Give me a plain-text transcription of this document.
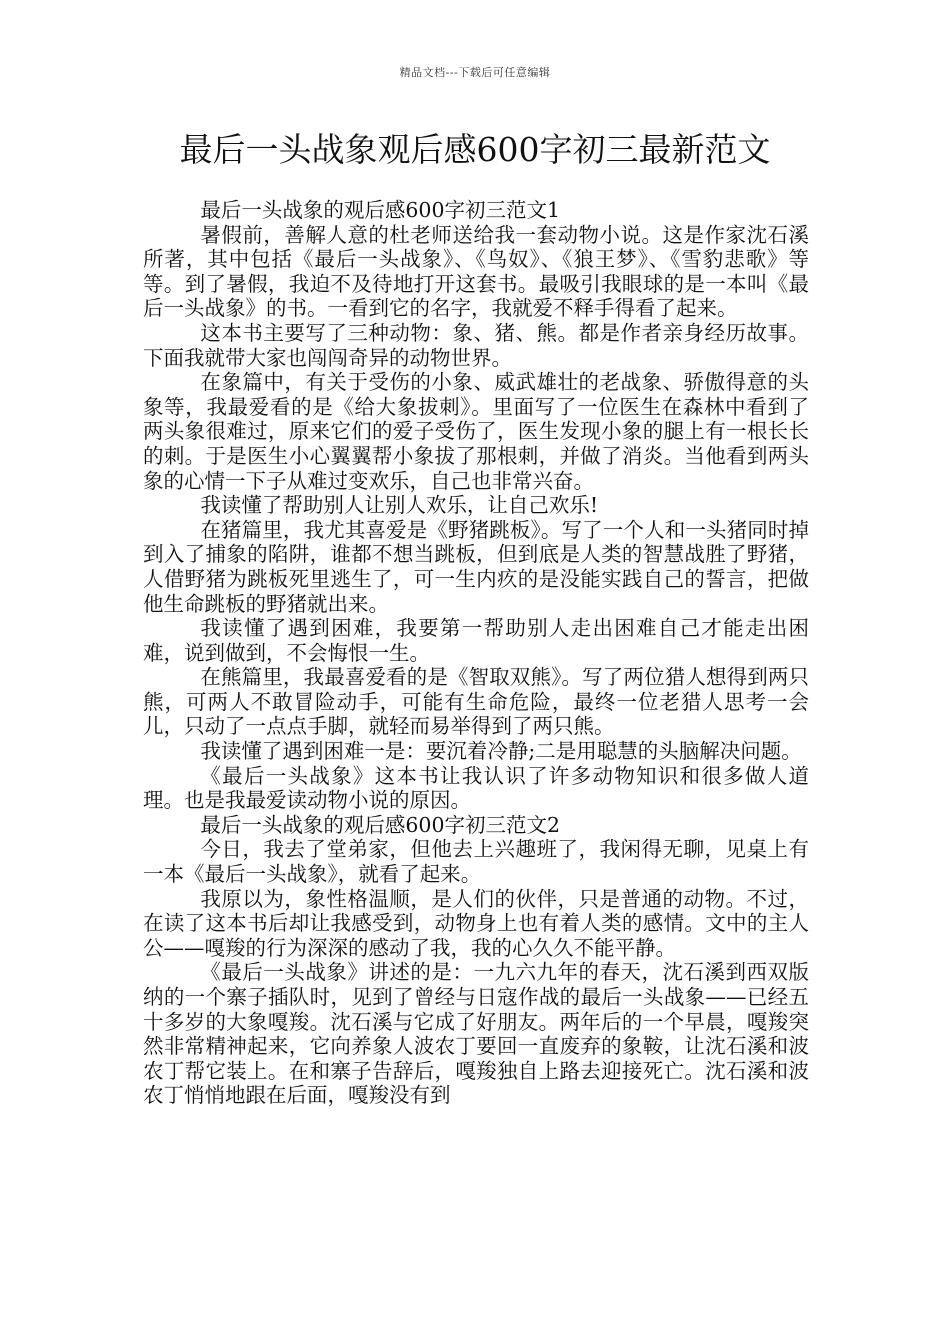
精品文档---下载后可任意编辑
最后一头战象观后感600字初三最新范文

最后一头战象的观后感600字初三范文1

暑假前，善解人意的杜老师送给我一套动物小说。这是作家沈石溪所著，其中包括《最后一头战象》、《鸟奴》、《狼王梦》、《雪豹悲歌》等等。到了暑假，我迫不及待地打开这套书。最吸引我眼球的是一本叫《最后一头战象》的书。一看到它的名字，我就爱不释手得看了起来。

这本书主要写了三种动物：象、猪、熊。都是作者亲身经历故事。下面我就带大家也闯闯奇异的动物世界。

在象篇中，有关于受伤的小象、威武雄壮的老战象、骄傲得意的头象等，我最爱看的是《给大象拔刺》。里面写了一位医生在森林中看到了两头象很难过，原来它们的爱子受伤了，医生发现小象的腿上有一根长长的刺。于是医生小心翼翼帮小象拔了那根刺，并做了消炎。当他看到两头象的心情一下子从难过变欢乐，自己也非常兴奋。

我读懂了帮助别人让别人欢乐，让自己欢乐!

在猪篇里，我尤其喜爱是《野猪跳板》。写了一个人和一头猪同时掉到入了捕象的陷阱，谁都不想当跳板，但到底是人类的智慧战胜了野猪，人借野猪为跳板死里逃生了，可一生内疚的是没能实践自己的誓言，把做他生命跳板的野猪就出来。

我读懂了遇到困难，我要第一帮助别人走出困难自己才能走出困难，说到做到，不会悔恨一生。

在熊篇里，我最喜爱看的是《智取双熊》。写了两位猎人想得到两只熊，可两人不敢冒险动手，可能有生命危险，最终一位老猎人思考一会儿，只动了一点点手脚，就轻而易举得到了两只熊。

我读懂了遇到困难一是：要沉着冷静;二是用聪慧的头脑解决问题。

《最后一头战象》这本书让我认识了许多动物知识和很多做人道理。也是我最爱读动物小说的原因。

最后一头战象的观后感600字初三范文2

今日，我去了堂弟家，但他去上兴趣班了，我闲得无聊，见桌上有一本《最后一头战象》，就看了起来。

我原以为，象性格温顺，是人们的伙伴，只是普通的动物。不过，在读了这本书后却让我感受到，动物身上也有着人类的感情。文中的主人公——嘎羧的行为深深的感动了我，我的心久久不能平静。

《最后一头战象》讲述的是：一九六九年的春天，沈石溪到西双版纳的一个寨子插队时，见到了曾经与日寇作战的最后一头战象——已经五十多岁的大象嘎羧。沈石溪与它成了好朋友。两年后的一个早晨，嘎羧突然非常精神起来，它向养象人波农丁要回一直废弃的象鞍，让沈石溪和波农丁帮它装上。在和寨子告辞后，嘎羧独自上路去迎接死亡。沈石溪和波农丁悄悄地跟在后面，嘎羧没有到
